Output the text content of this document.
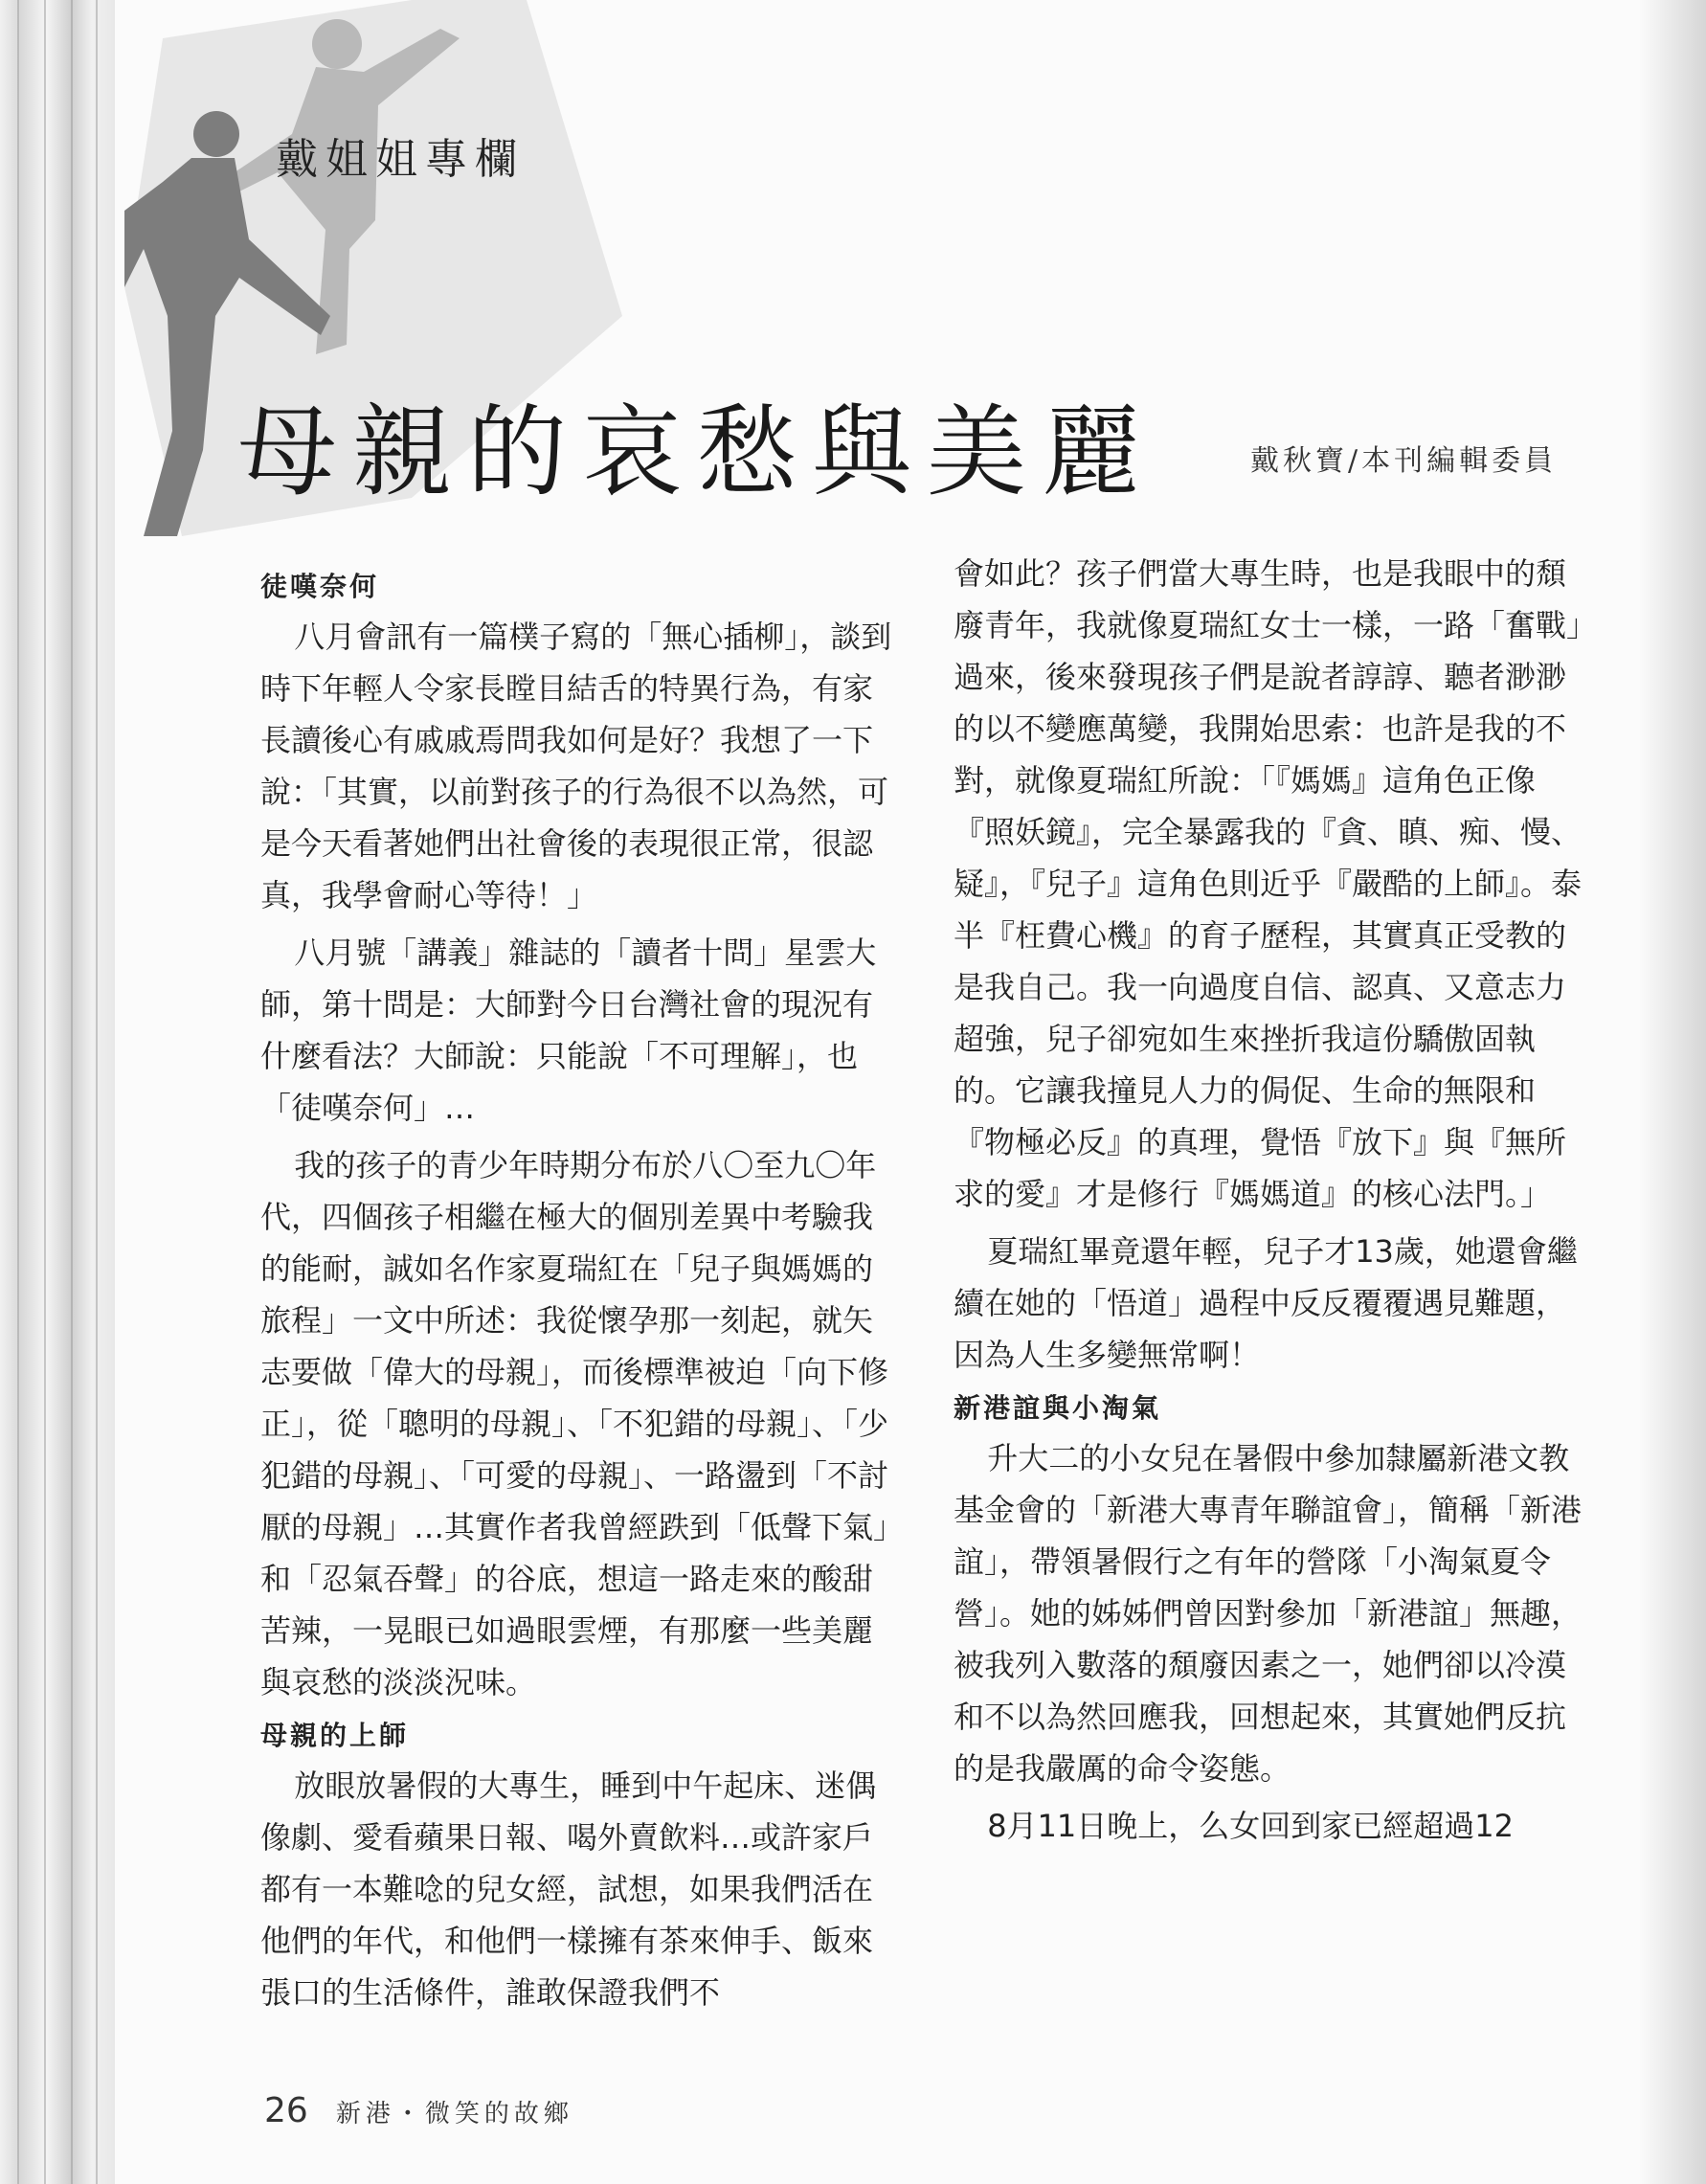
戴姐姐專欄
母親的哀愁與美麗	戴秋寶/本刊編輯委員
徒嘆奈何

八月會訊有一篇樸子寫的「無心插柳」，談到時下年輕人令家長瞠目結舌的特異行為，有家長讀後心有戚戚焉問我如何是好？我想了一下說：「其實，以前對孩子的行為很不以為然，可是今天看著她們出社會後的表現很正常，很認真，我學會耐心等待！」

八月號「講義」雜誌的「讀者十問」星雲大師，第十問是：大師對今日台灣社會的現況有什麼看法？大師說：只能說「不可理解」，也「徒嘆奈何」…

我的孩子的青少年時期分布於八〇至九〇年代，四個孩子相繼在極大的個別差異中考驗我的能耐，誠如名作家夏瑞紅在「兒子與媽媽的旅程」一文中所述：我從懷孕那一刻起，就矢志要做「偉大的母親」，而後標準被迫「向下修正」，從「聰明的母親」、「不犯錯的母親」、「少犯錯的母親」、「可愛的母親」、一路盪到「不討厭的母親」…其實作者我曾經跌到「低聲下氣」和「忍氣吞聲」的谷底，想這一路走來的酸甜苦辣，一晃眼已如過眼雲煙，有那麼一些美麗與哀愁的淡淡況味。

母親的上師

放眼放暑假的大專生，睡到中午起床、迷偶像劇、愛看蘋果日報、喝外賣飲料…或許家戶都有一本難唸的兒女經，試想，如果我們活在他們的年代，和他們一樣擁有茶來伸手、飯來張口的生活條件，誰敢保證我們不

會如此？孩子們當大專生時，也是我眼中的頹廢青年，我就像夏瑞紅女士一樣，一路「奮戰」過來，後來發現孩子們是說者諄諄、聽者渺渺的以不變應萬變，我開始思索：也許是我的不對，就像夏瑞紅所說：「『媽媽』這角色正像『照妖鏡』，完全暴露我的『貪、瞋、痴、慢、疑』，『兒子』這角色則近乎『嚴酷的上師』。泰半『枉費心機』的育子歷程，其實真正受教的是我自己。我一向過度自信、認真、又意志力超強，兒子卻宛如生來挫折我這份驕傲固執的。它讓我撞見人力的侷促、生命的無限和『物極必反』的真理，覺悟『放下』與『無所求的愛』才是修行『媽媽道』的核心法門。」

夏瑞紅畢竟還年輕，兒子才13歲，她還會繼續在她的「悟道」過程中反反覆覆遇見難題，因為人生多變無常啊！

新港誼與小淘氣

升大二的小女兒在暑假中參加隸屬新港文教基金會的「新港大專青年聯誼會」，簡稱「新港誼」，帶領暑假行之有年的營隊「小淘氣夏令營」。她的姊姊們曾因對參加「新港誼」無趣，被我列入數落的頹廢因素之一，她們卻以冷漠和不以為然回應我，回想起來，其實她們反抗的是我嚴厲的命令姿態。

8月11日晚上，么女回到家已經超過12

26 新港・微笑的故鄉
